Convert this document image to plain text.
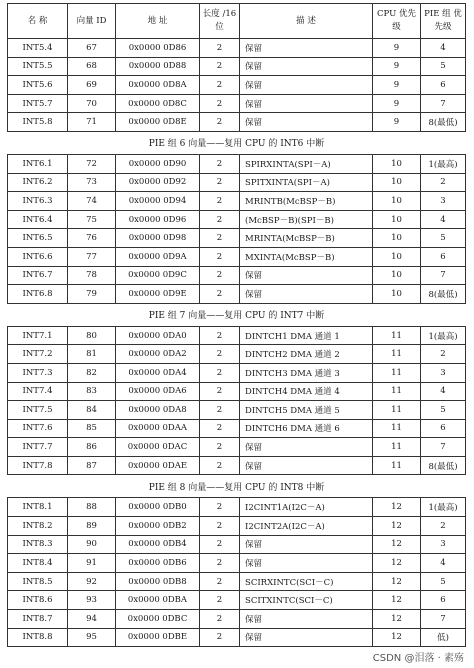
名 称	向量 ID	地 址	长度 /16 位	描 述	CPU 优先级	PIE 组 优先级
INT5.4	67	0x0000 0D86	2	保留	9	4
INT5.5	68	0x0000 0D88	2	保留	9	5
INT5.6	69	0x0000 0D8A	2	保留	9	6
INT5.7	70	0x0000 0D8C	2	保留	9	7
INT5.8	71	0x0000 0D8E	2	保留	9	8(最低)
PIE 组 6 向量——复用 CPU 的 INT6 中断						
INT6.1	72	0x0000 0D90	2	SPIRXINTA(SPI－A)	10	1(最高)
INT6.2	73	0x0000 0D92	2	SPITXINTA(SPI－A)	10	2
INT6.3	74	0x0000 0D94	2	MRINTB(McBSP－B)	10	3
INT6.4	75	0x0000 0D96	2	(McBSP－B)(SPI－B)	10	4
INT6.5	76	0x0000 0D98	2	MRINTA(McBSP－B)	10	5
INT6.6	77	0x0000 0D9A	2	MXINTA(McBSP－B)	10	6
INT6.7	78	0x0000 0D9C	2	保留	10	7
INT6.8	79	0x0000 0D9E	2	保留	10	8(最低)
PIE 组 7 向量——复用 CPU 的 INT7 中断						
INT7.1	80	0x0000 0DA0	2	DINTCH1 DMA 通道 1	11	1(最高)
INT7.2	81	0x0000 0DA2	2	DINTCH2 DMA 通道 2	11	2
INT7.3	82	0x0000 0DA4	2	DINTCH3 DMA 通道 3	11	3
INT7.4	83	0x0000 0DA6	2	DINTCH4 DMA 通道 4	11	4
INT7.5	84	0x0000 0DA8	2	DINTCH5 DMA 通道 5	11	5
INT7.6	85	0x0000 0DAA	2	DINTCH6 DMA 通道 6	11	6
INT7.7	86	0x0000 0DAC	2	保留	11	7
INT7.8	87	0x0000 0DAE	2	保留	11	8(最低)
PIE 组 8 向量——复用 CPU 的 INT8 中断						
INT8.1	88	0x0000 0DB0	2	I2CINT1A(I2C－A)	12	1(最高)
INT8.2	89	0x0000 0DB2	2	I2CINT2A(I2C－A)	12	2
INT8.3	90	0x0000 0DB4	2	保留	12	3
INT8.4	91	0x0000 0DB6	2	保留	12	4
INT8.5	92	0x0000 0DB8	2	SCIRXINTC(SCI－C)	12	5
INT8.6	93	0x0000 0DBA	2	SCITXINTC(SCI－C)	12	6
INT8.7	94	0x0000 0DBC	2	保留	12	7
INT8.8	95	0x0000 0DBE	2	保留	12	低)
CSDN @泪落 · 素殇
